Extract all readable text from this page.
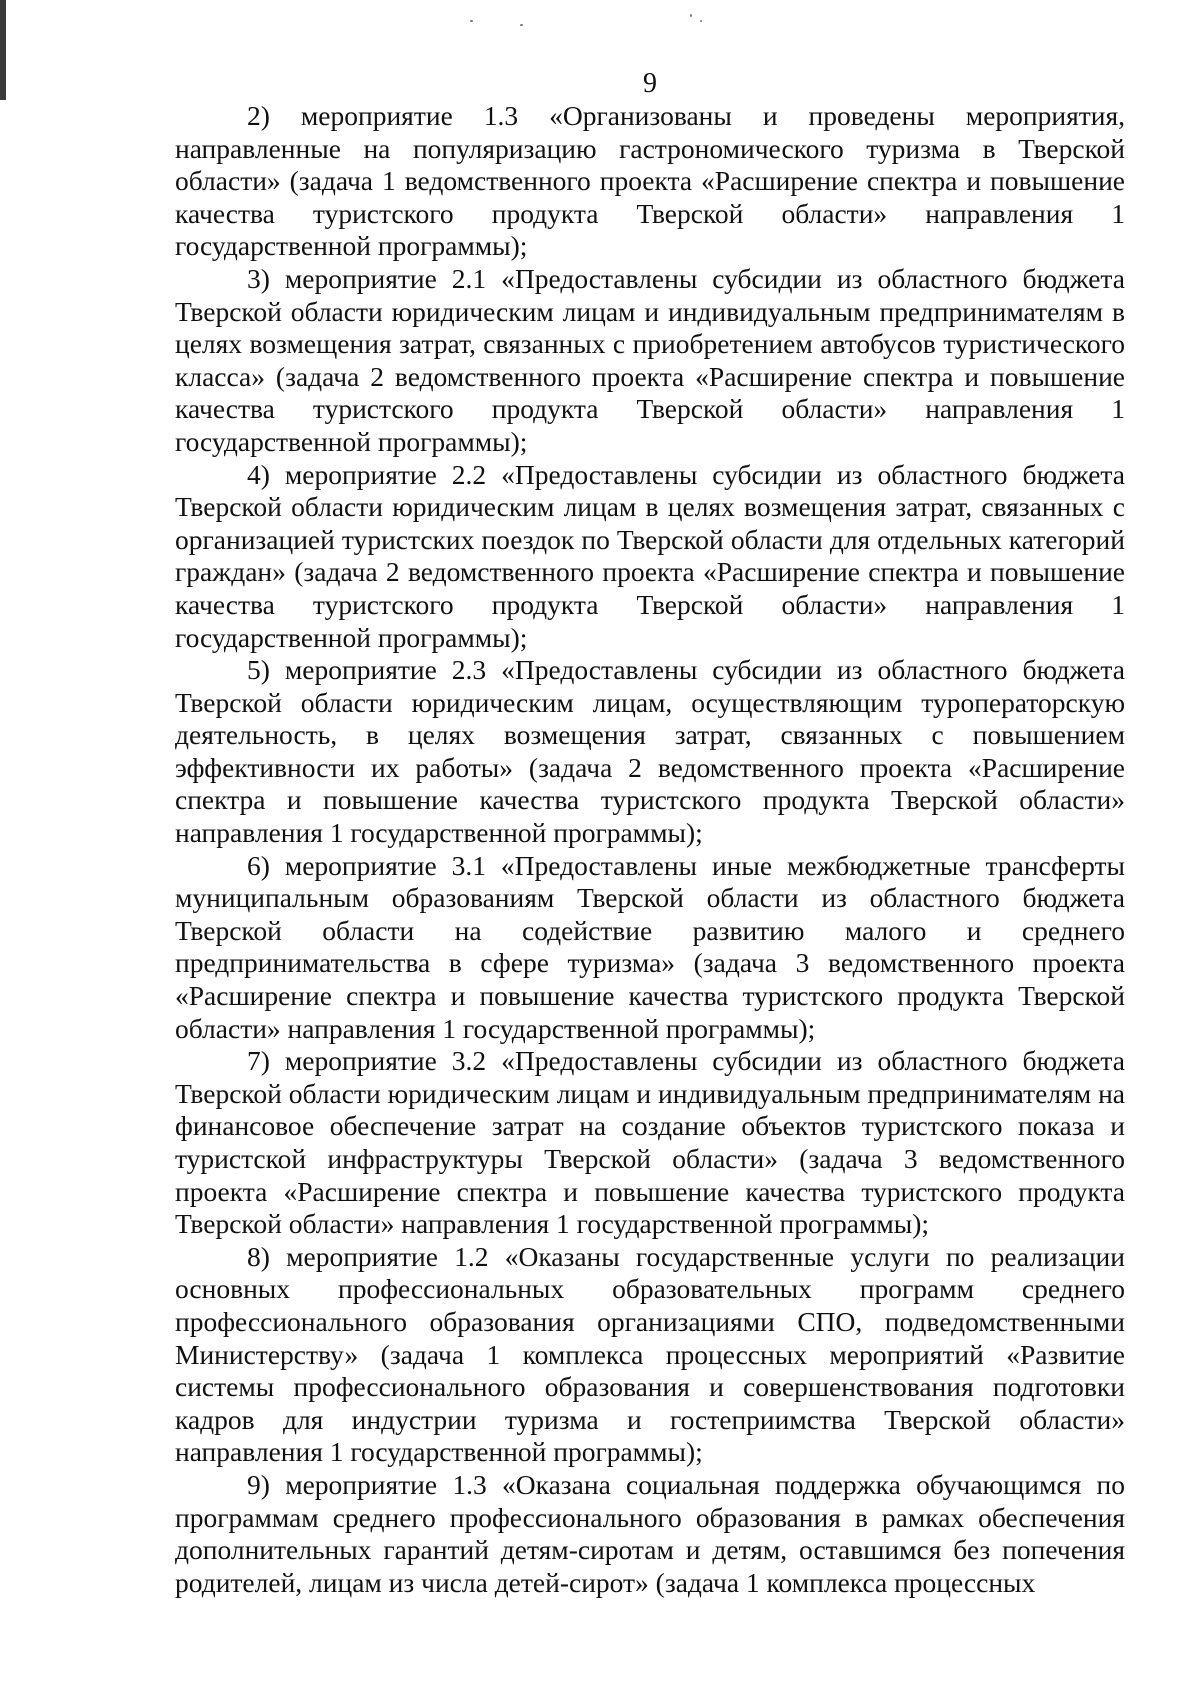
9

2) мероприятие 1.3 «Организованы и проведены мероприятия, направленные на популяризацию гастрономического туризма в Тверской области» (задача 1 ведомственного проекта «Расширение спектра и повышение качества туристского продукта Тверской области» направления 1 государственной программы);

3) мероприятие 2.1 «Предоставлены субсидии из областного бюджета Тверской области юридическим лицам и индивидуальным предпринимателям в целях возмещения затрат, связанных с приобретением автобусов туристического класса» (задача 2 ведомственного проекта «Расширение спектра и повышение качества туристского продукта Тверской области» направления 1 государственной программы);

4) мероприятие 2.2 «Предоставлены субсидии из областного бюджета Тверской области юридическим лицам в целях возмещения затрат, связанных с организацией туристских поездок по Тверской области для отдельных категорий граждан» (задача 2 ведомственного проекта «Расширение спектра и повышение качества туристского продукта Тверской области» направления 1 государственной программы);

5) мероприятие 2.3 «Предоставлены субсидии из областного бюджета Тверской области юридическим лицам, осуществляющим туроператорскую деятельность, в целях возмещения затрат, связанных с повышением эффективности их работы» (задача 2 ведомственного проекта «Расширение спектра и повышение качества туристского продукта Тверской области» направления 1 государственной программы);

6) мероприятие 3.1 «Предоставлены иные межбюджетные трансферты муниципальным образованиям Тверской области из областного бюджета Тверской области на содействие развитию малого и среднего предпринимательства в сфере туризма» (задача 3 ведомственного проекта «Расширение спектра и повышение качества туристского продукта Тверской области» направления 1 государственной программы);

7) мероприятие 3.2 «Предоставлены субсидии из областного бюджета Тверской области юридическим лицам и индивидуальным предпринимателям на финансовое обеспечение затрат на создание объектов туристского показа и туристской инфраструктуры Тверской области» (задача 3 ведомственного проекта «Расширение спектра и повышение качества туристского продукта Тверской области» направления 1 государственной программы);

8) мероприятие 1.2 «Оказаны государственные услуги по реализации основных профессиональных образовательных программ среднего профессионального образования организациями СПО, подведомственными Министерству» (задача 1 комплекса процессных мероприятий «Развитие системы профессионального образования и совершенствования подготовки кадров для индустрии туризма и гостеприимства Тверской области» направления 1 государственной программы);

9) мероприятие 1.3 «Оказана социальная поддержка обучающимся по программам среднего профессионального образования в рамках обеспечения дополнительных гарантий детям-сиротам и детям, оставшимся без попечения родителей, лицам из числа детей-сирот» (задача 1 комплекса процессных
